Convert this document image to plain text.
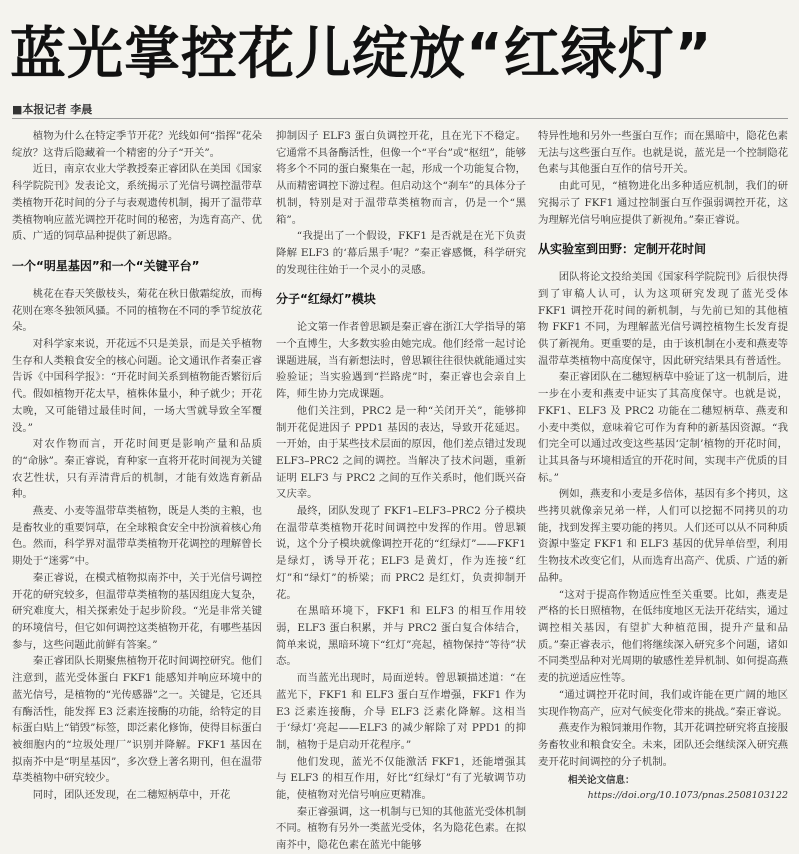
蓝光掌控花儿绽放“红绿灯”
■本报记者 李晨

植物为什么在特定季节开花？光线如何“指挥”花朵绽放？这背后隐藏着一个精密的分子“开关”。

近日，南京农业大学教授秦正睿团队在美国《国家科学院院刊》发表论文，系统揭示了光信号调控温带草类植物开花时间的分子与表观遗传机制，揭开了温带草类植物响应蓝光调控开花时间的秘密，为选育高产、优质、广适的饲草品种提供了新思路。

一个“明星基因”和一个“关键平台”

桃花在春天笑傲枝头，菊花在秋日傲霜绽放，而梅花则在寒冬独领风骚。不同的植物在不同的季节绽放花朵。

对科学家来说，开花远不只是美景，而是关乎植物生存和人类粮食安全的核心问题。论文通讯作者秦正睿告诉《中国科学报》：“开花时间关系到植物能否繁衍后代。假如植物开花太早，植株体量小，种子就少；开花太晚，又可能错过最佳时间，一场大雪就导致全军覆没。”

对农作物而言，开花时间更是影响产量和品质的“命脉”。秦正睿说，育种家一直将开花时间视为关键农艺性状，只有弄清背后的机制，才能有效选育新品种。

燕麦、小麦等温带草类植物，既是人类的主粮，也是畜牧业的重要饲草，在全球粮食安全中扮演着核心角色。然而，科学界对温带草类植物开花调控的理解曾长期处于“迷雾”中。

秦正睿说，在模式植物拟南芥中，关于光信号调控开花的研究较多，但温带草类植物的基因组庞大复杂，研究难度大，相关探索处于起步阶段。“光是非常关键的环境信号，但它如何调控这类植物开花，有哪些基因参与，这些问题此前鲜有答案。”

秦正睿团队长期聚焦植物开花时间调控研究。他们注意到，蓝光受体蛋白 FKF1 能感知并响应环境中的蓝光信号，是植物的“光传感器”之一。关键是，它还具有酶活性，能发挥 E3 泛素连接酶的功能，给特定的目标蛋白贴上“销毁”标签，即泛素化修饰，使得目标蛋白被细胞内的“垃圾处理厂”识别并降解。FKF1 基因在拟南芥中是“明星基因”，多次登上著名期刊，但在温带草类植物中研究较少。

同时，团队还发现，在二穗短柄草中，开花

抑制因子 ELF3 蛋白负调控开花，且在光下不稳定。它通常不具备酶活性，但像一个“平台”或“枢纽”，能够将多个不同的蛋白聚集在一起，形成一个功能复合物，从而精密调控下游过程。但启动这个“刹车”的具体分子机制，特别是对于温带草类植物而言，仍是一个“黑箱”。

“我提出了一个假设，FKF1 是否就是在光下负责降解 ELF3 的‘幕后黑手’呢？”秦正睿感慨，科学研究的发现往往始于一个灵小的灵感。

分子“红绿灯”模块

论文第一作者曾思颖是秦正睿在浙江大学指导的第一个直博生，大多数实验由她完成。他们经常一起讨论课题进展，当有新想法时，曾思颖往往很快就能通过实验验证；当实验遇到“拦路虎”时，秦正睿也会亲自上阵，师生协力完成课题。

他们关注到，PRC2 是一种“关闭开关”，能够抑制开花促进因子 PPD1 基因的表达，导致开花延迟。一开始，由于某些技术层面的原因，他们差点错过发现 ELF3–PRC2 之间的调控。当解决了技术问题，重新证明 ELF3 与 PRC2 之间的互作关系时，他们既兴奋又庆幸。

最终，团队发现了 FKF1–ELF3–PRC2 分子模块在温带草类植物开花时间调控中发挥的作用。曾思颖说，这个分子模块就像调控开花的“红绿灯”——FKF1 是绿灯，诱导开花；ELF3 是黄灯，作为连接“红灯”和“绿灯”的桥梁；而 PRC2 是红灯，负责抑制开花。

在黑暗环境下，FKF1 和 ELF3 的相互作用较弱，ELF3 蛋白积累，并与 PRC2 蛋白复合体结合，简单来说，黑暗环境下“红灯”亮起，植物保持“等待”状态。

而当蓝光出现时，局面逆转。曾思颖描述道：“在蓝光下，FKF1 和 ELF3 蛋白互作增强，FKF1 作为 E3 泛素连接酶，介导 ELF3 泛素化降解。这相当于‘绿灯’亮起——ELF3 的减少解除了对 PPD1 的抑制，植物于是启动开花程序。”

他们发现，蓝光不仅能激活 FKF1，还能增强其与 ELF3 的相互作用，好比“红绿灯”有了光敏调节功能，使植物对光信号响应更精准。

秦正睿强调，这一机制与已知的其他蓝光受体机制不同。植物有另外一类蓝光受体，名为隐花色素。在拟南芥中，隐花色素在蓝光中能够

特异性地和另外一些蛋白互作；而在黑暗中，隐花色素无法与这些蛋白互作。也就是说，蓝光是一个控制隐花色素与其他蛋白互作的信号开关。

由此可见，“植物进化出多种适应机制，我们的研究揭示了 FKF1 通过控制蛋白互作强弱调控开花，这为理解光信号响应提供了新视角。”秦正睿说。

从实验室到田野：定制开花时间

团队将论文投给美国《国家科学院院刊》后很快得到了审稿人认可，认为这项研究发现了蓝光受体 FKF1 调控开花时间的新机制，与先前已知的其他植物 FKF1 不同，为理解蓝光信号调控植物生长发育提供了新视角。更重要的是，由于该机制在小麦和燕麦等温带草类植物中高度保守，因此研究结果具有普适性。

秦正睿团队在二穗短柄草中验证了这一机制后，进一步在小麦和燕麦中证实了其高度保守。也就是说，FKF1、ELF3 及 PRC2 功能在二穗短柄草、燕麦和小麦中类似，意味着它可作为育种的新基因资源。“我们完全可以通过改变这些基因‘定制’植物的开花时间，让其具备与环境相适宜的开花时间，实现丰产优质的目标。”

例如，燕麦和小麦是多倍体，基因有多个拷贝，这些拷贝就像亲兄弟一样，人们可以挖掘不同拷贝的功能，找到发挥主要功能的拷贝。人们还可以从不同种质资源中鉴定 FKF1 和 ELF3 基因的优异单倍型，利用生物技术改变它们，从而选育出高产、优质、广适的新品种。

“这对于提高作物适应性至关重要。比如，燕麦是严格的长日照植物，在低纬度地区无法开花结实，通过调控相关基因，有望扩大种植范围，提升产量和品质。”秦正睿表示，他们将继续深入研究多个问题，诸如不同类型品种对光周期的敏感性差异机制、如何提高燕麦的抗逆适应性等。

“通过调控开花时间，我们或许能在更广阔的地区实现作物高产，应对气候变化带来的挑战。”秦正睿说。

燕麦作为粮饲兼用作物，其开花调控研究将直接服务畜牧业和粮食安全。未来，团队还会继续深入研究燕麦开花时间调控的分子机制。

相关论文信息：
https://doi.org/10.1073/pnas.2508103122
